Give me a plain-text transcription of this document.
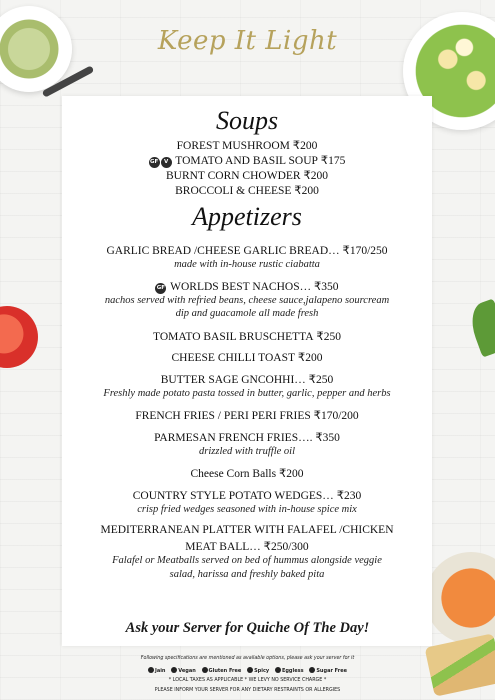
Keep It Light
Soups
FOREST MUSHROOM ₹200
GF V TOMATO AND BASIL SOUP ₹175
BURNT CORN CHOWDER ₹200
BROCCOLI & CHEESE ₹200
Appetizers
GARLIC BREAD /CHEESE GARLIC BREAD… ₹170/250
made with in-house rustic ciabatta
GF WORLDS BEST NACHOS… ₹350
nachos served with refried beans, cheese sauce,jalapeno sourcream
dip and guacamole all made fresh
TOMATO BASIL BRUSCHETTA ₹250
CHEESE CHILLI TOAST ₹200
BUTTER SAGE GNCOHHI… ₹250
Freshly made potato pasta tossed in butter, garlic, pepper and herbs
FRENCH FRIES / PERI PERI FRIES ₹170/200
PARMESAN FRENCH FRIES…. ₹350
drizzled with truffle oil
Cheese Corn Balls ₹200
COUNTRY STYLE POTATO WEDGES… ₹230
crisp fried wedges seasoned with in-house spice mix
MEDITERRANEAN PLATTER WITH FALAFEL /CHICKEN
MEAT BALL… ₹250/300
Falafel or Meatballs served on bed of hummus alongside veggie
salad, harissa and freshly baked pita
Ask your Server for Quiche Of The Day!
Following specifications are mentioned as available options, please ask your server for it
Jain	Vegan	Gluten Free	Spicy	Eggless	Sugar Free
* LOCAL TAXES AS APPLICABLE * WE LEVY NO SERVICE CHARGE *
PLEASE INFORM YOUR SERVER FOR ANY DIETARY RESTRAINTS OR ALLERGIES
